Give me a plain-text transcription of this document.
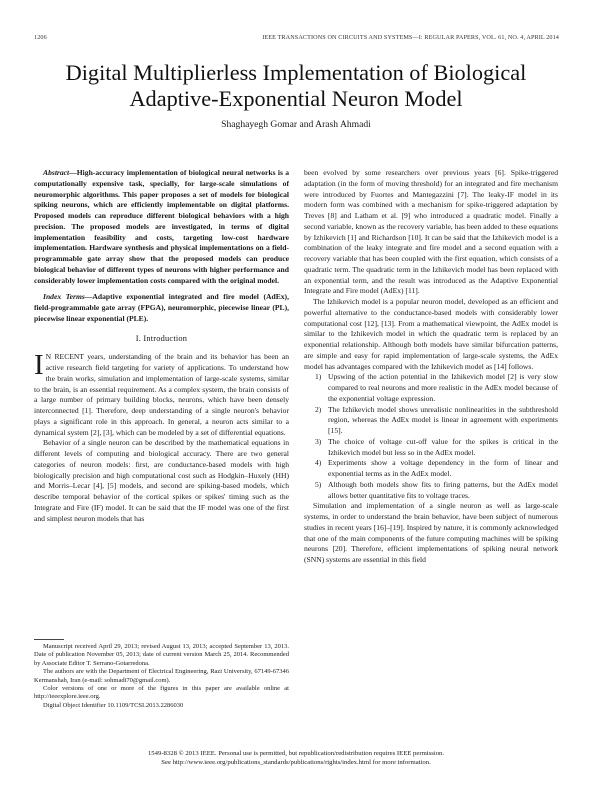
1206	IEEE TRANSACTIONS ON CIRCUITS AND SYSTEMS—I: REGULAR PAPERS, VOL. 61, NO. 4, APRIL 2014
Digital Multiplierless Implementation of Biological
Adaptive-Exponential Neuron Model
Shaghayegh Gomar and Arash Ahmadi

Abstract—High-accuracy implementation of biological neural networks is a computationally expensive task, specially, for large-scale simulations of neuromorphic algorithms. This paper proposes a set of models for biological spiking neurons, which are efficiently implementable on digital platforms. Proposed models can reproduce different biological behaviors with a high precision. The proposed models are investigated, in terms of digital implementation feasibility and costs, targeting low-cost hardware implementation. Hardware synthesis and physical implementations on a field-programmable gate array show that the proposed models can produce biological behavior of different types of neurons with higher performance and considerably lower implementation costs compared with the original model.

Index Terms—Adaptive exponential integrated and fire model (AdEx), field-programmable gate array (FPGA), neuromorphic, piecewise linear (PL), piecewise linear exponential (PLE).

I. Introduction

I N RECENT years, understanding of the brain and its behavior has been an active research field targeting for variety of applications. To understand how the brain works, simulation and implementation of large-scale systems, similar to the brain, is an essential requirement. As a complex system, the brain consists of a large number of primary building blocks, neurons, which have been densely interconnected [1]. Therefore, deep understanding of a single neuron's behavior plays a significant role in this approach. In general, a neuron acts similar to a dynamical system [2], [3], which can be modeled by a set of differential equations.

Behavior of a single neuron can be described by the mathematical equations in different levels of computing and biological accuracy. There are two general categories of neuron models: first, are conductance-based models with high biologically precision and high computational cost such as Hodgkin–Huxely (HH) and Morris–Lecar [4], [5] models, and second are spiking-based models, which describe temporal behavior of the cortical spikes or spikes' timing such as the Integrate and Fire (IF) model. It can be said that the IF model was one of the first and simplest neuron models that has

Manuscript received April 29, 2013; revised August 13, 2013; accepted September 13, 2013. Date of publication November 05, 2013; date of current version March 25, 2014. Recommended by Associate Editor T. Serrano-Gotarredona.

The authors are with the Department of Electrical Engineering, Razi University, 67149-67346 Kermanshah, Iran (e-mail: sohmadi70@gmail.com).

Color versions of one or more of the figures in this paper are available online at http://ieeexplore.ieee.org.

Digital Object Identifier 10.1109/TCSI.2013.2286030

been evolved by some researchers over previous years [6]. Spike-triggered adaptation (in the form of moving threshold) for an integrated and fire mechanism were introduced by Fuortes and Mantegazzini [7]. The leaky-IF model in its modern form was combined with a mechanism for spike-triggered adaptation by Treves [8] and Latham et al. [9] who introduced a quadratic model. Finally a second variable, known as the recovery variable, has been added to these equations by Izhikevich [1] and Richardson [10]. It can be said that the Izhikevich model is a combination of the leaky integrate and fire model and a second equation with a recovery variable that has been coupled with the first equation, which consists of a quadratic term. The quadratic term in the Izhikevich model has been replaced with an exponential term, and the result was introduced as the Adaptive Exponential Integrate and Fire model (AdEx) [11].

The Izhikevich model is a popular neuron model, developed as an efficient and powerful alternative to the conductance-based models with considerably lower computational cost [12], [13]. From a mathematical viewpoint, the AdEx model is similar to the Izhikevich model in which the quadratic term is replaced by an exponential relationship. Although both models have similar bifurcation patterns, are simple and easy for rapid implementation of large-scale systems, the AdEx model has advantages compared with the Izhikevich model as [14] follows.

1) Upswing of the action potential in the Izhikevich model [2] is very slow compared to real neurons and more realistic in the AdEx model because of the exponential voltage expression.
2) The Izhikevich model shows unrealistic nonlinearities in the subthreshold region, whereas the AdEx model is linear in agreement with experiments [15].
3) The choice of voltage cut-off value for the spikes is critical in the Izhikevich model but less so in the AdEx model.
4) Experiments show a voltage dependency in the form of linear and exponential terms as in the AdEx model.
5) Although both models show fits to firing patterns, but the AdEx model allows better quantitative fits to voltage traces.

Simulation and implementation of a single neuron as well as large-scale systems, in order to understand the brain behavior, have been subject of numerous studies in recent years [16]–[19]. Inspired by nature, it is commonly acknowledged that one of the main components of the future computing machines will be spiking neurons [20]. Therefore, efficient implementations of spiking neural network (SNN) systems are essential in this field

1549-8328 © 2013 IEEE. Personal use is permitted, but republication/redistribution requires IEEE permission.
See http://www.ieee.org/publications_standards/publications/rights/index.html for more information.
